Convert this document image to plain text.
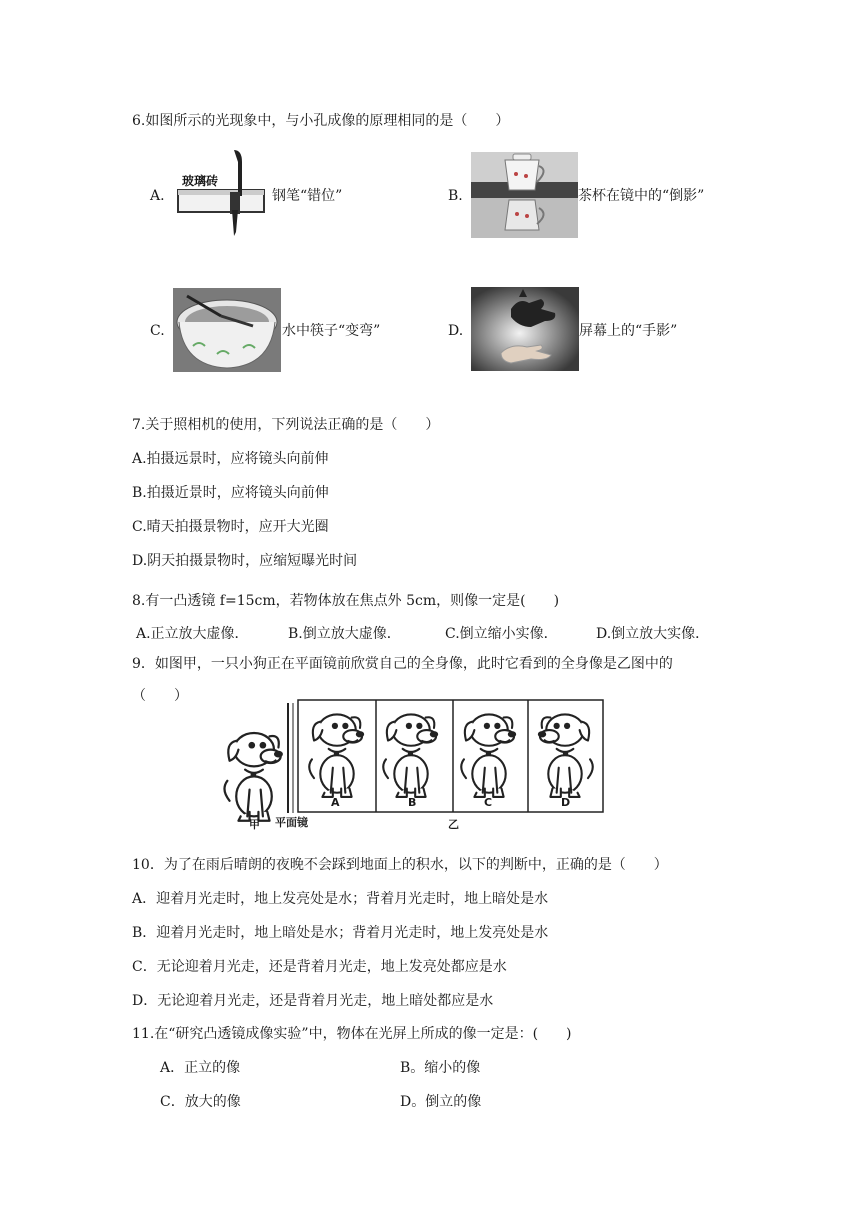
6.如图所示的光现象中，与小孔成像的原理相同的是（　　）
A.
玻璃砖
钢笔“错位”	B.	茶杯在镜中的“倒影”
C.	水中筷子“变弯”	D.	屏幕上的“手影”
7.关于照相机的使用，下列说法正确的是（　　）
A.拍摄远景时，应将镜头向前伸
B.拍摄近景时，应将镜头向前伸
C.晴天拍摄景物时，应开大光圈
D.阴天拍摄景物时，应缩短曝光时间
8.有一凸透镜 f=15cm，若物体放在焦点外 5cm，则像一定是(　　)
A.正立放大虚像．	B.倒立放大虚像．	C.倒立缩小实像．	D.倒立放大实像．
9．如图甲，一只小狗正在平面镜前欣赏自己的全身像，此时它看到的全身像是乙图中的
（　　）
A	B	C	D
甲 平面镜	乙
10．为了在雨后晴朗的夜晚不会踩到地面上的积水，以下的判断中，正确的是（　　）
A．迎着月光走时，地上发亮处是水；背着月光走时，地上暗处是水
B．迎着月光走时，地上暗处是水；背着月光走时，地上发亮处是水
C．无论迎着月光走，还是背着月光走，地上发亮处都应是水
D．无论迎着月光走，还是背着月光走，地上暗处都应是水
11.在“研究凸透镜成像实验”中，物体在光屏上所成的像一定是：(　　)
A．正立的像	B。缩小的像
C．放大的像	D。倒立的像
